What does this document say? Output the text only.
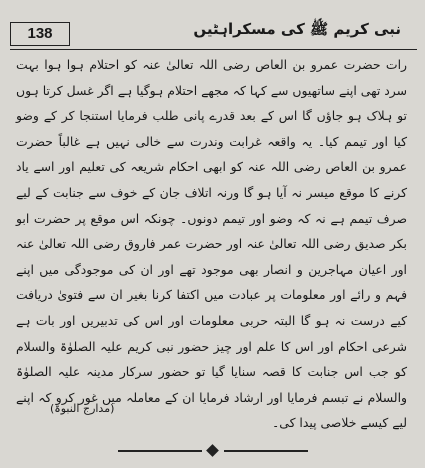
138	نبی کریم ﷺ کی مسکراہٹیں

رات حضرت عمرو بن العاص رضی اللہ تعالیٰ عنہ کو احتلام ہوا ہوا بہت سرد تھی اپنے ساتھیوں سے کہا کہ مجھے احتلام ہوگیا ہے اگر غسل کرتا ہوں تو ہلاک ہو جاؤں گا اس کے بعد قدرے پانی طلب فرمایا استنجا کر کے وضو کیا اور تیمم کیا۔ یہ واقعہ غرابت وندرت سے خالی نہیں ہے غالباً حضرت عمرو بن العاص رضی اللہ عنہ کو ابھی احکام شریعہ کی تعلیم اور اسے یاد کرنے کا موقع میسر نہ آیا ہو گا ورنہ اتلاف جان کے خوف سے جنابت کے لیے صرف تیمم ہے نہ کہ وضو اور تیمم دونوں۔ چونکہ اس موقع پر حضرت ابو بکر صدیق رضی اللہ تعالیٰ عنہ اور حضرت عمر فاروق رضی اللہ تعالیٰ عنہ اور اعیان مہاجرین و انصار بھی موجود تھے اور ان کی موجودگی میں اپنے فہم و رائے اور معلومات پر عبادت میں اکتفا کرنا بغیر ان سے فتویٰ دریافت کیے درست نہ ہو گا البتہ حربی معلومات اور اس کی تدبیریں اور بات ہے شرعی احکام اور اس کا علم اور چیز حضور نبی کریم علیہ الصلوٰۃ والسلام کو جب اس جنابت کا قصہ سنایا گیا تو حضور سرکار مدینہ علیہ الصلوٰۃ والسلام نے تبسم فرمایا اور ارشاد فرمایا ان کے معاملہ میں غور کرو کہ اپنے لیے کیسے خلاصی پیدا کی۔

(مدارج النبوۃ)
